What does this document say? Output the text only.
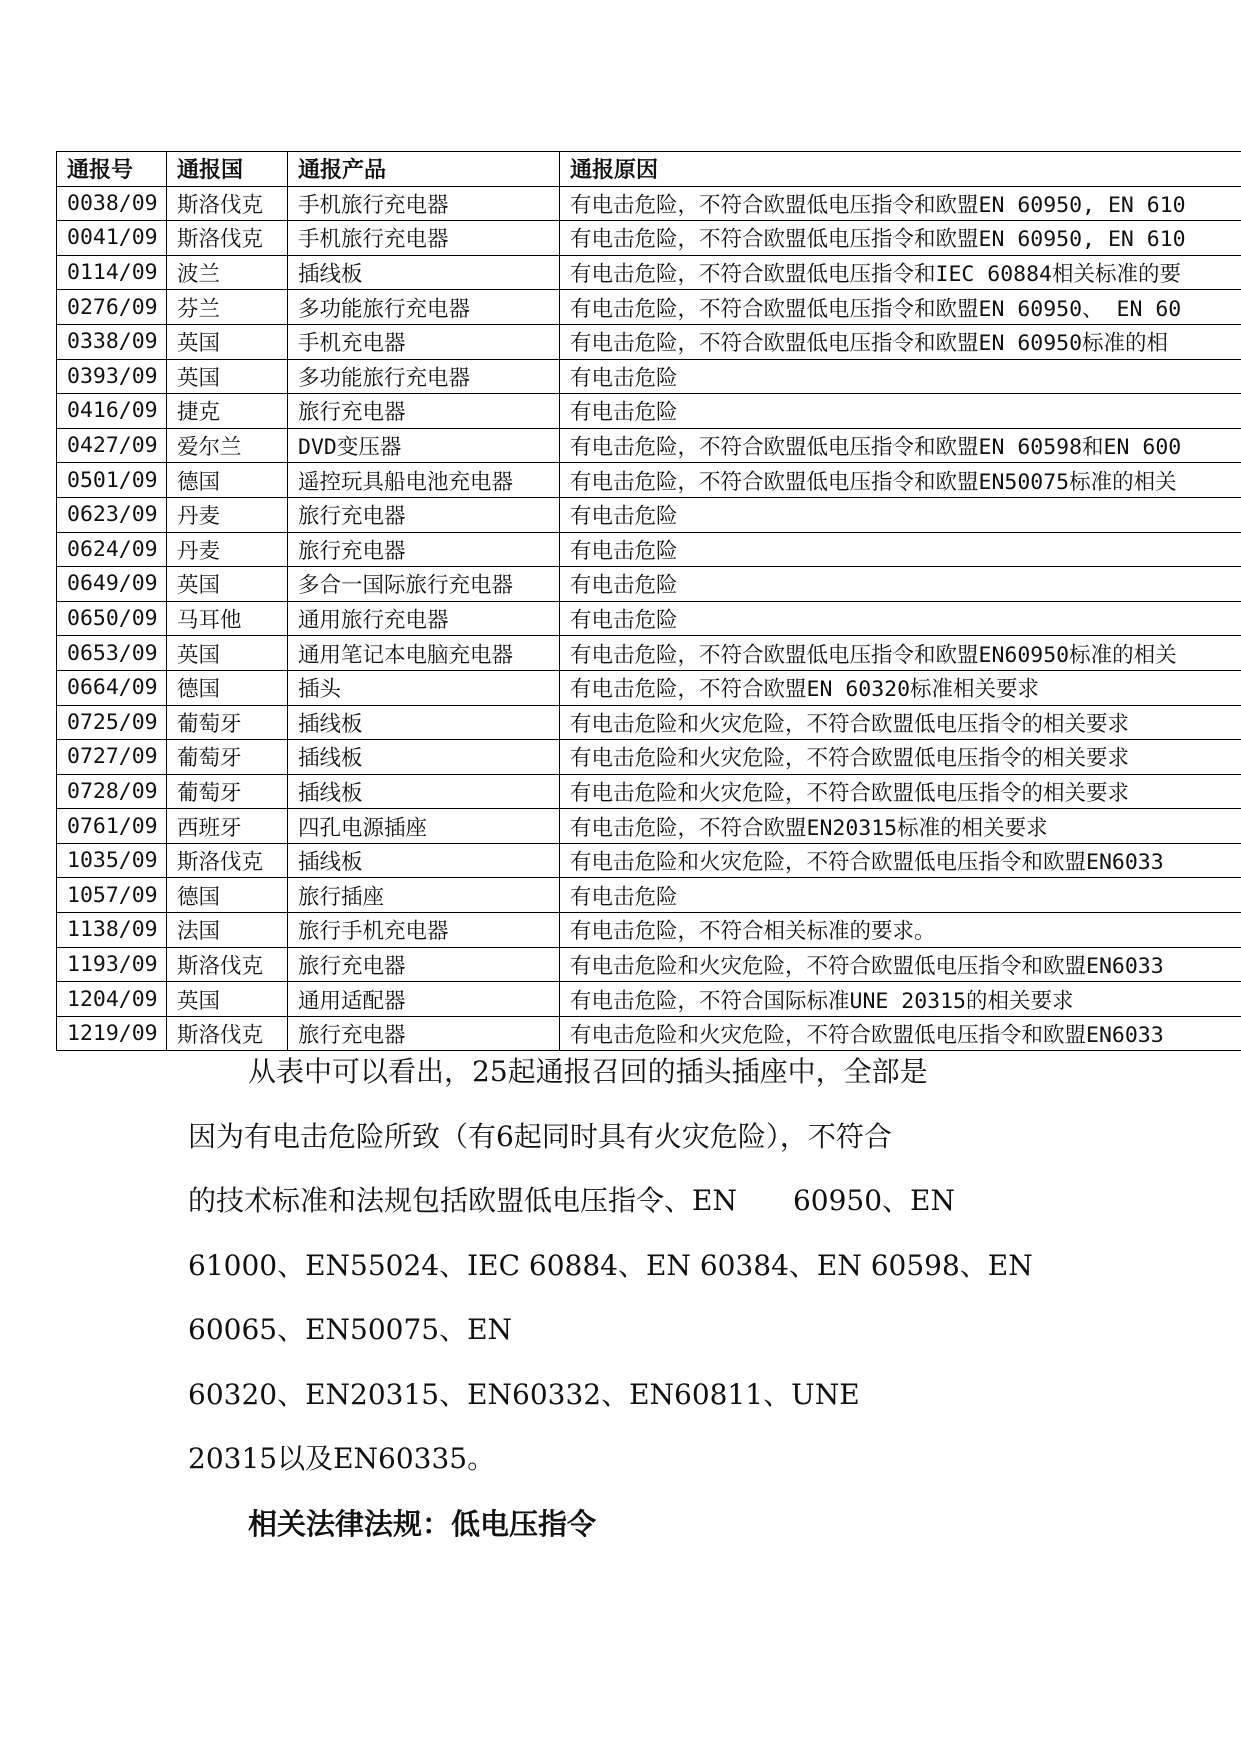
通报号	通报国	通报产品	通报原因
0038/09	斯洛伐克	手机旅行充电器	有电击危险，不符合欧盟低电压指令和欧盟EN 60950, EN 610
0041/09	斯洛伐克	手机旅行充电器	有电击危险，不符合欧盟低电压指令和欧盟EN 60950, EN 610
0114/09	波兰	插线板	有电击危险，不符合欧盟低电压指令和IEC 60884相关标准的要
0276/09	芬兰	多功能旅行充电器	有电击危险，不符合欧盟低电压指令和欧盟EN 60950、 EN 60
0338/09	英国	手机充电器	有电击危险，不符合欧盟低电压指令和欧盟EN 60950标准的相
0393/09	英国	多功能旅行充电器	有电击危险
0416/09	捷克	旅行充电器	有电击危险
0427/09	爱尔兰	DVD变压器	有电击危险，不符合欧盟低电压指令和欧盟EN 60598和EN 600
0501/09	德国	遥控玩具船电池充电器	有电击危险，不符合欧盟低电压指令和欧盟EN50075标准的相关
0623/09	丹麦	旅行充电器	有电击危险
0624/09	丹麦	旅行充电器	有电击危险
0649/09	英国	多合一国际旅行充电器	有电击危险
0650/09	马耳他	通用旅行充电器	有电击危险
0653/09	英国	通用笔记本电脑充电器	有电击危险，不符合欧盟低电压指令和欧盟EN60950标准的相关
0664/09	德国	插头	有电击危险，不符合欧盟EN 60320标准相关要求
0725/09	葡萄牙	插线板	有电击危险和火灾危险，不符合欧盟低电压指令的相关要求
0727/09	葡萄牙	插线板	有电击危险和火灾危险，不符合欧盟低电压指令的相关要求
0728/09	葡萄牙	插线板	有电击危险和火灾危险，不符合欧盟低电压指令的相关要求
0761/09	西班牙	四孔电源插座	有电击危险，不符合欧盟EN20315标准的相关要求
1035/09	斯洛伐克	插线板	有电击危险和火灾危险，不符合欧盟低电压指令和欧盟EN6033
1057/09	德国	旅行插座	有电击危险
1138/09	法国	旅行手机充电器	有电击危险，不符合相关标准的要求。
1193/09	斯洛伐克	旅行充电器	有电击危险和火灾危险，不符合欧盟低电压指令和欧盟EN6033
1204/09	英国	通用适配器	有电击危险，不符合国际标准UNE 20315的相关要求
1219/09	斯洛伐克	旅行充电器	有电击危险和火灾危险，不符合欧盟低电压指令和欧盟EN6033

从表中可以看出，25起通报召回的插头插座中，全部是

因为有电击危险所致（有6起同时具有火灾危险），不符合

的技术标准和法规包括欧盟低电压指令、EN　　60950、EN

61000、EN55024、IEC 60884、EN 60384、EN 60598、EN

60065、EN50075、EN

60320、EN20315、EN60332、EN60811、UNE

20315以及EN60335。

相关法律法规：低电压指令
